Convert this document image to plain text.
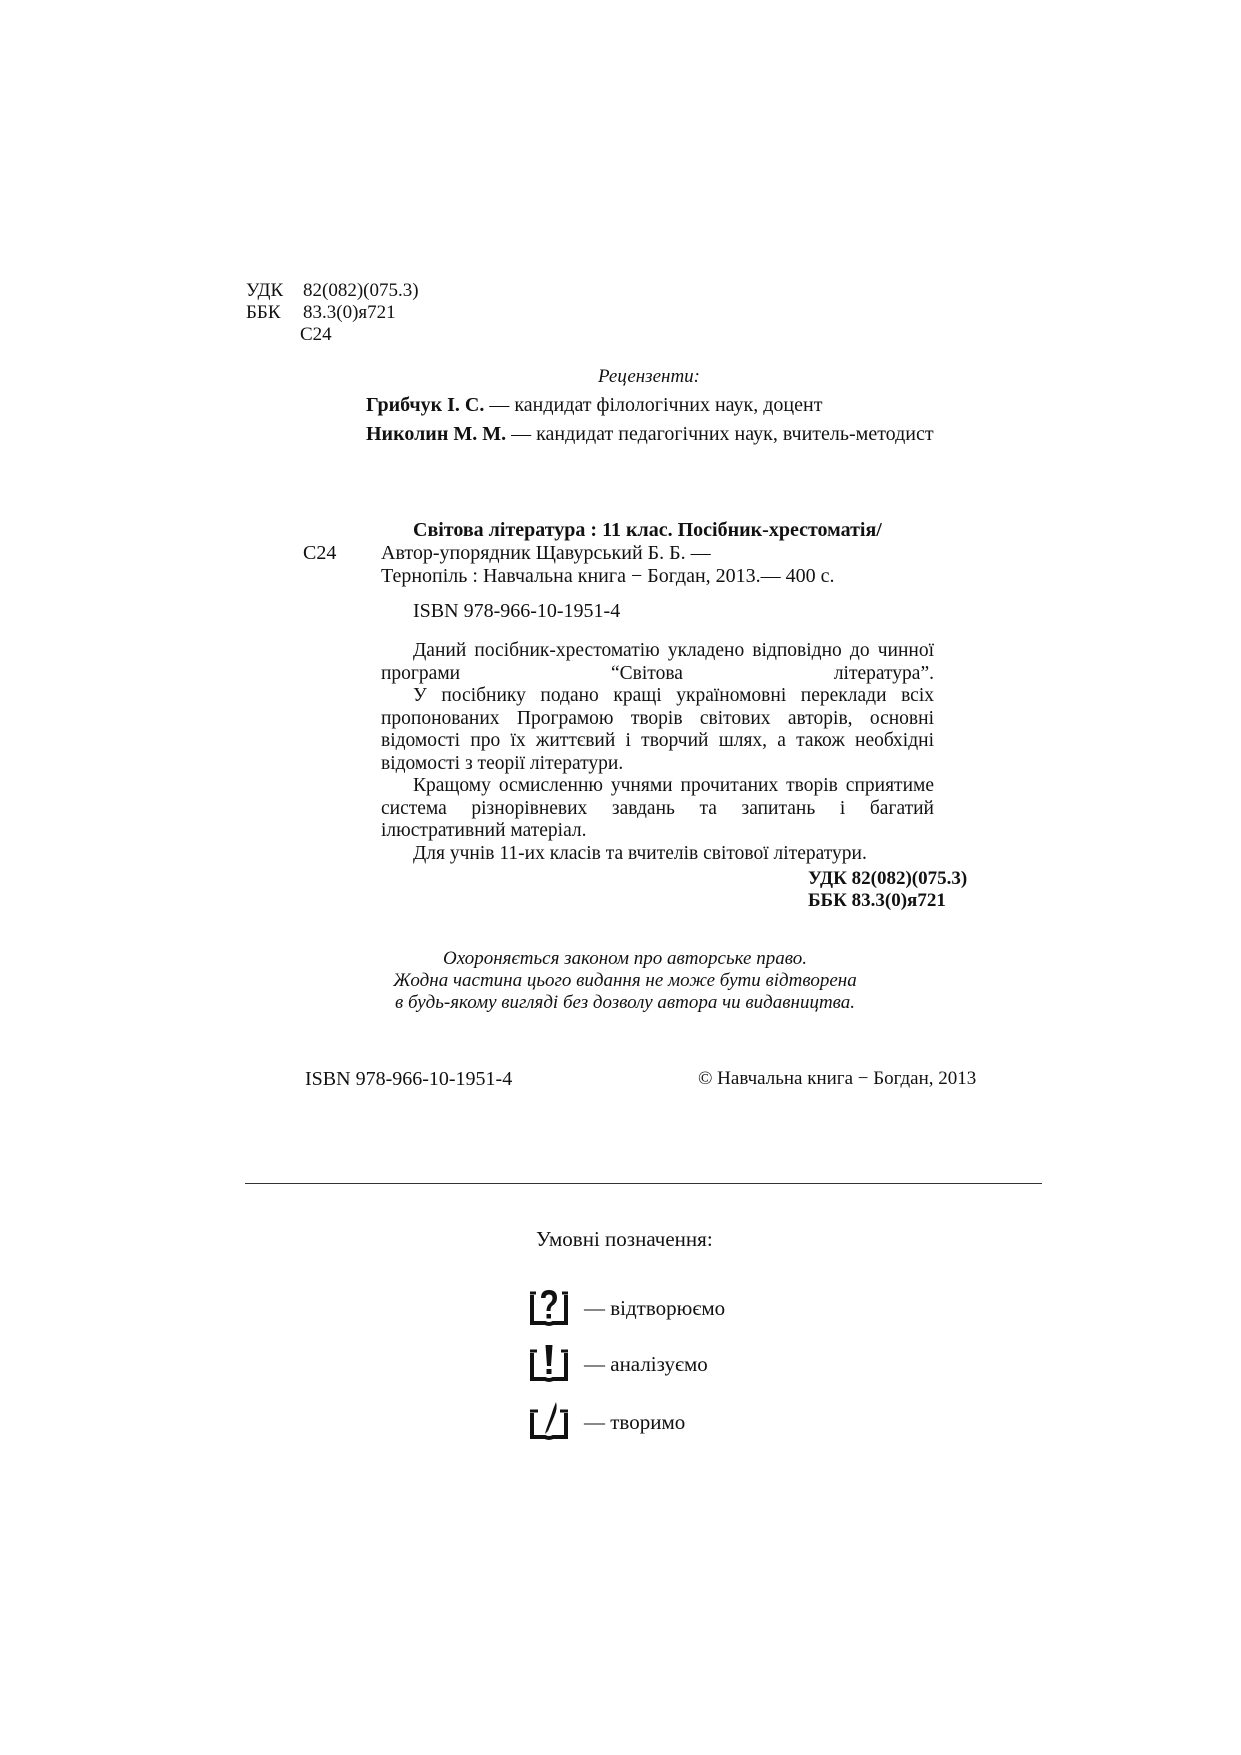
УДК	82(082)(075.3)
ББК	83.3(0)я721
С24
Рецензенти:
Грибчук І. С. — кандидат філологічних наук, доцент
Николин М. М. — кандидат педагогічних наук, вчитель-методист
Світова література : 11 клас. Посібник-хрестоматія/
С24	Автор-упорядник Щавурський Б. Б. —
Тернопіль : Навчальна книга − Богдан, 2013.— 400 с.
ISBN 978-966-10-1951-4

Даний посібник-хрестоматію укладено відповідно до чинної програми “Світова література”.

У посібнику подано кращі україномовні переклади всіх пропонованих Програмою творів світових авторів, основні відомості про їх життєвий і творчий шлях, а також необхідні відомості з теорії літератури.

Кращому осмисленню учнями прочитаних творів сприятиме система різнорівневих завдань та запитань і багатий ілюстративний матеріал.

Для учнів 11-их класів та вчителів світової літератури.

УДК 82(082)(075.3)
ББК 83.3(0)я721
Охороняється законом про авторське право.
Жодна частина цього видання не може бути відтворена
в будь-якому вигляді без дозволу автора чи видавництва.
ISBN 978-966-10-1951-4	© Навчальна книга − Богдан, 2013
Умовні позначення:
— відтворюємо
— аналізуємо
— творимо
